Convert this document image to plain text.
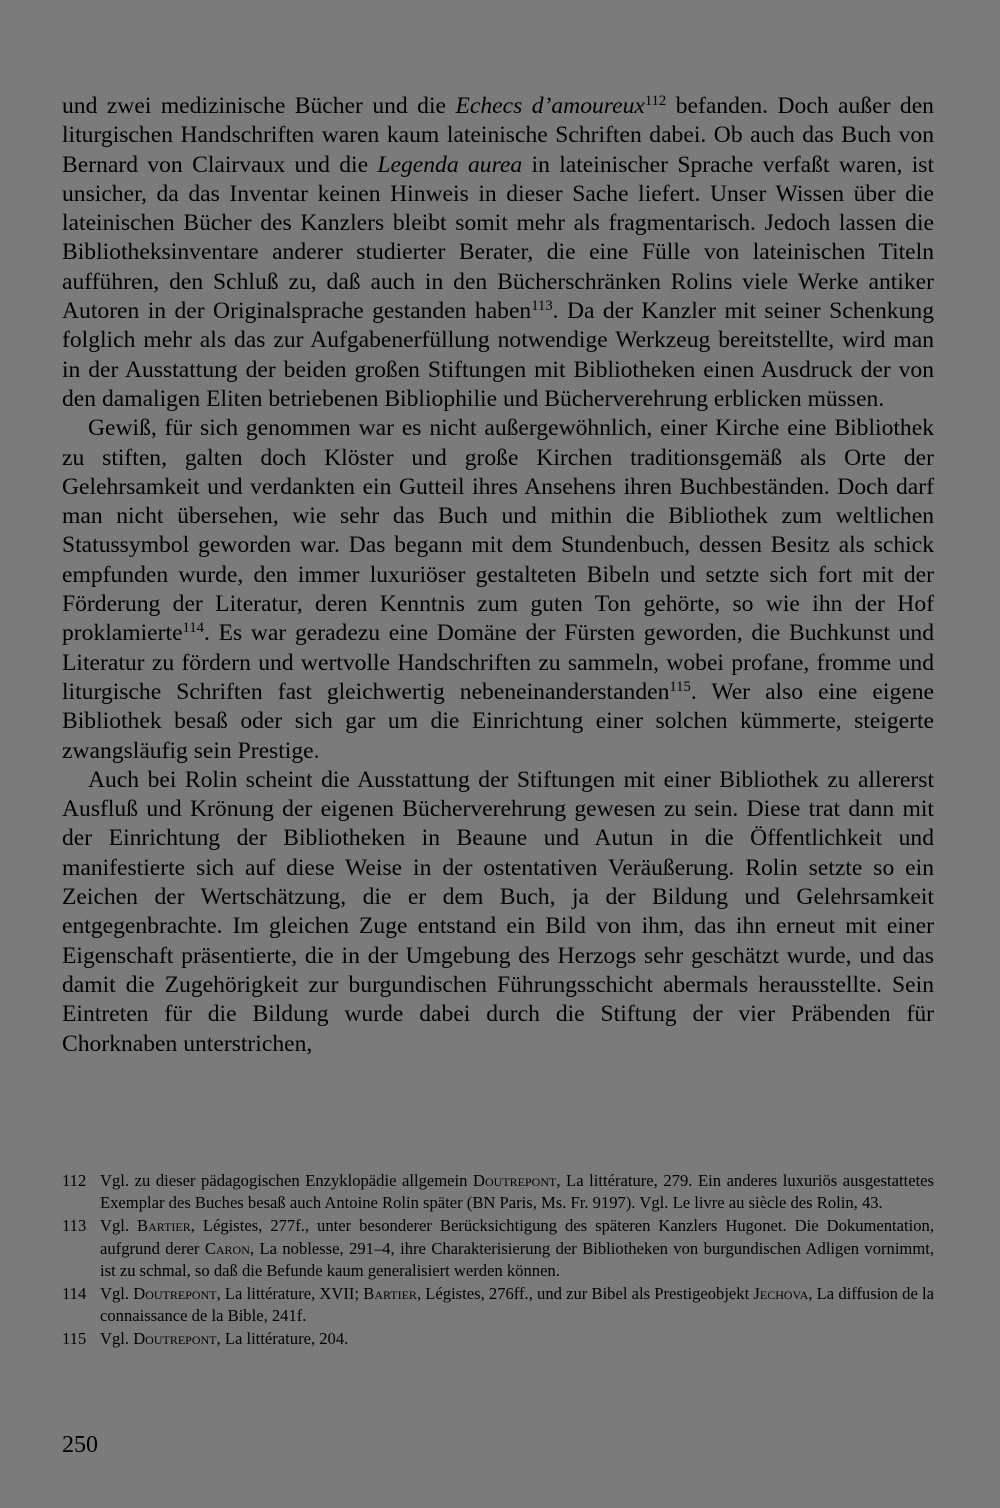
und zwei medizinische Bücher und die Echecs d’amoureux$^{112}$ befanden. Doch außer den liturgischen Handschriften waren kaum lateinische Schriften dabei. Ob auch das Buch von Bernard von Clairvaux und die Legenda aurea in lateinischer Sprache verfaßt waren, ist unsicher, da das Inventar keinen Hinweis in dieser Sache liefert. Unser Wissen über die lateinischen Bücher des Kanzlers bleibt somit mehr als fragmentarisch. Jedoch lassen die Bibliotheksinventare anderer studierter Berater, die eine Fülle von lateinischen Titeln aufführen, den Schluß zu, daß auch in den Bücherschränken Rolins viele Werke antiker Autoren in der Originalsprache gestanden haben$^{113}$. Da der Kanzler mit seiner Schenkung folglich mehr als das zur Aufgabenerfüllung notwendige Werkzeug bereitstellte, wird man in der Ausstattung der beiden großen Stiftungen mit Bibliotheken einen Ausdruck der von den damaligen Eliten betriebenen Bibliophilie und Bücherverehrung erblicken müssen.

Gewiß, für sich genommen war es nicht außergewöhnlich, einer Kirche eine Bibliothek zu stiften, galten doch Klöster und große Kirchen traditionsgemäß als Orte der Gelehrsamkeit und verdankten ein Gutteil ihres Ansehens ihren Buchbeständen. Doch darf man nicht übersehen, wie sehr das Buch und mithin die Bibliothek zum weltlichen Statussymbol geworden war. Das begann mit dem Stundenbuch, dessen Besitz als schick empfunden wurde, den immer luxuriöser gestalteten Bibeln und setzte sich fort mit der Förderung der Literatur, deren Kenntnis zum guten Ton gehörte, so wie ihn der Hof proklamierte$^{114}$. Es war geradezu eine Domäne der Fürsten geworden, die Buchkunst und Literatur zu fördern und wertvolle Handschriften zu sammeln, wobei profane, fromme und liturgische Schriften fast gleichwertig nebeneinanderstanden$^{115}$. Wer also eine eigene Bibliothek besaß oder sich gar um die Einrichtung einer solchen kümmerte, steigerte zwangsläufig sein Prestige.

Auch bei Rolin scheint die Ausstattung der Stiftungen mit einer Bibliothek zu allererst Ausfluß und Krönung der eigenen Bücherverehrung gewesen zu sein. Diese trat dann mit der Einrichtung der Bibliotheken in Beaune und Autun in die Öffentlichkeit und manifestierte sich auf diese Weise in der ostentativen Veräußerung. Rolin setzte so ein Zeichen der Wertschätzung, die er dem Buch, ja der Bildung und Gelehrsamkeit entgegenbrachte. Im gleichen Zuge entstand ein Bild von ihm, das ihn erneut mit einer Eigenschaft präsentierte, die in der Umgebung des Herzogs sehr geschätzt wurde, und das damit die Zugehörigkeit zur burgundischen Führungsschicht abermals herausstellte. Sein Eintreten für die Bildung wurde dabei durch die Stiftung der vier Präbenden für Chorknaben unterstrichen,

112 Vgl. zu dieser pädagogischen Enzyklopädie allgemein Doutrepont, La littérature, 279. Ein anderes luxuriös ausgestattetes Exemplar des Buches besaß auch Antoine Rolin später (BN Paris, Ms. Fr. 9197). Vgl. Le livre au siècle des Rolin, 43.
113 Vgl. Bartier, Légistes, 277f., unter besonderer Berücksichtigung des späteren Kanzlers Hugonet. Die Dokumentation, aufgrund derer Caron, La noblesse, 291–4, ihre Charakterisierung der Bibliotheken von burgundischen Adligen vornimmt, ist zu schmal, so daß die Befunde kaum generalisiert werden können.
114 Vgl. Doutrepont, La littérature, XVII; Bartier, Légistes, 276ff., und zur Bibel als Prestigeobjekt Jechova, La diffusion de la connaissance de la Bible, 241f.
115 Vgl. Doutrepont, La littérature, 204.
250
